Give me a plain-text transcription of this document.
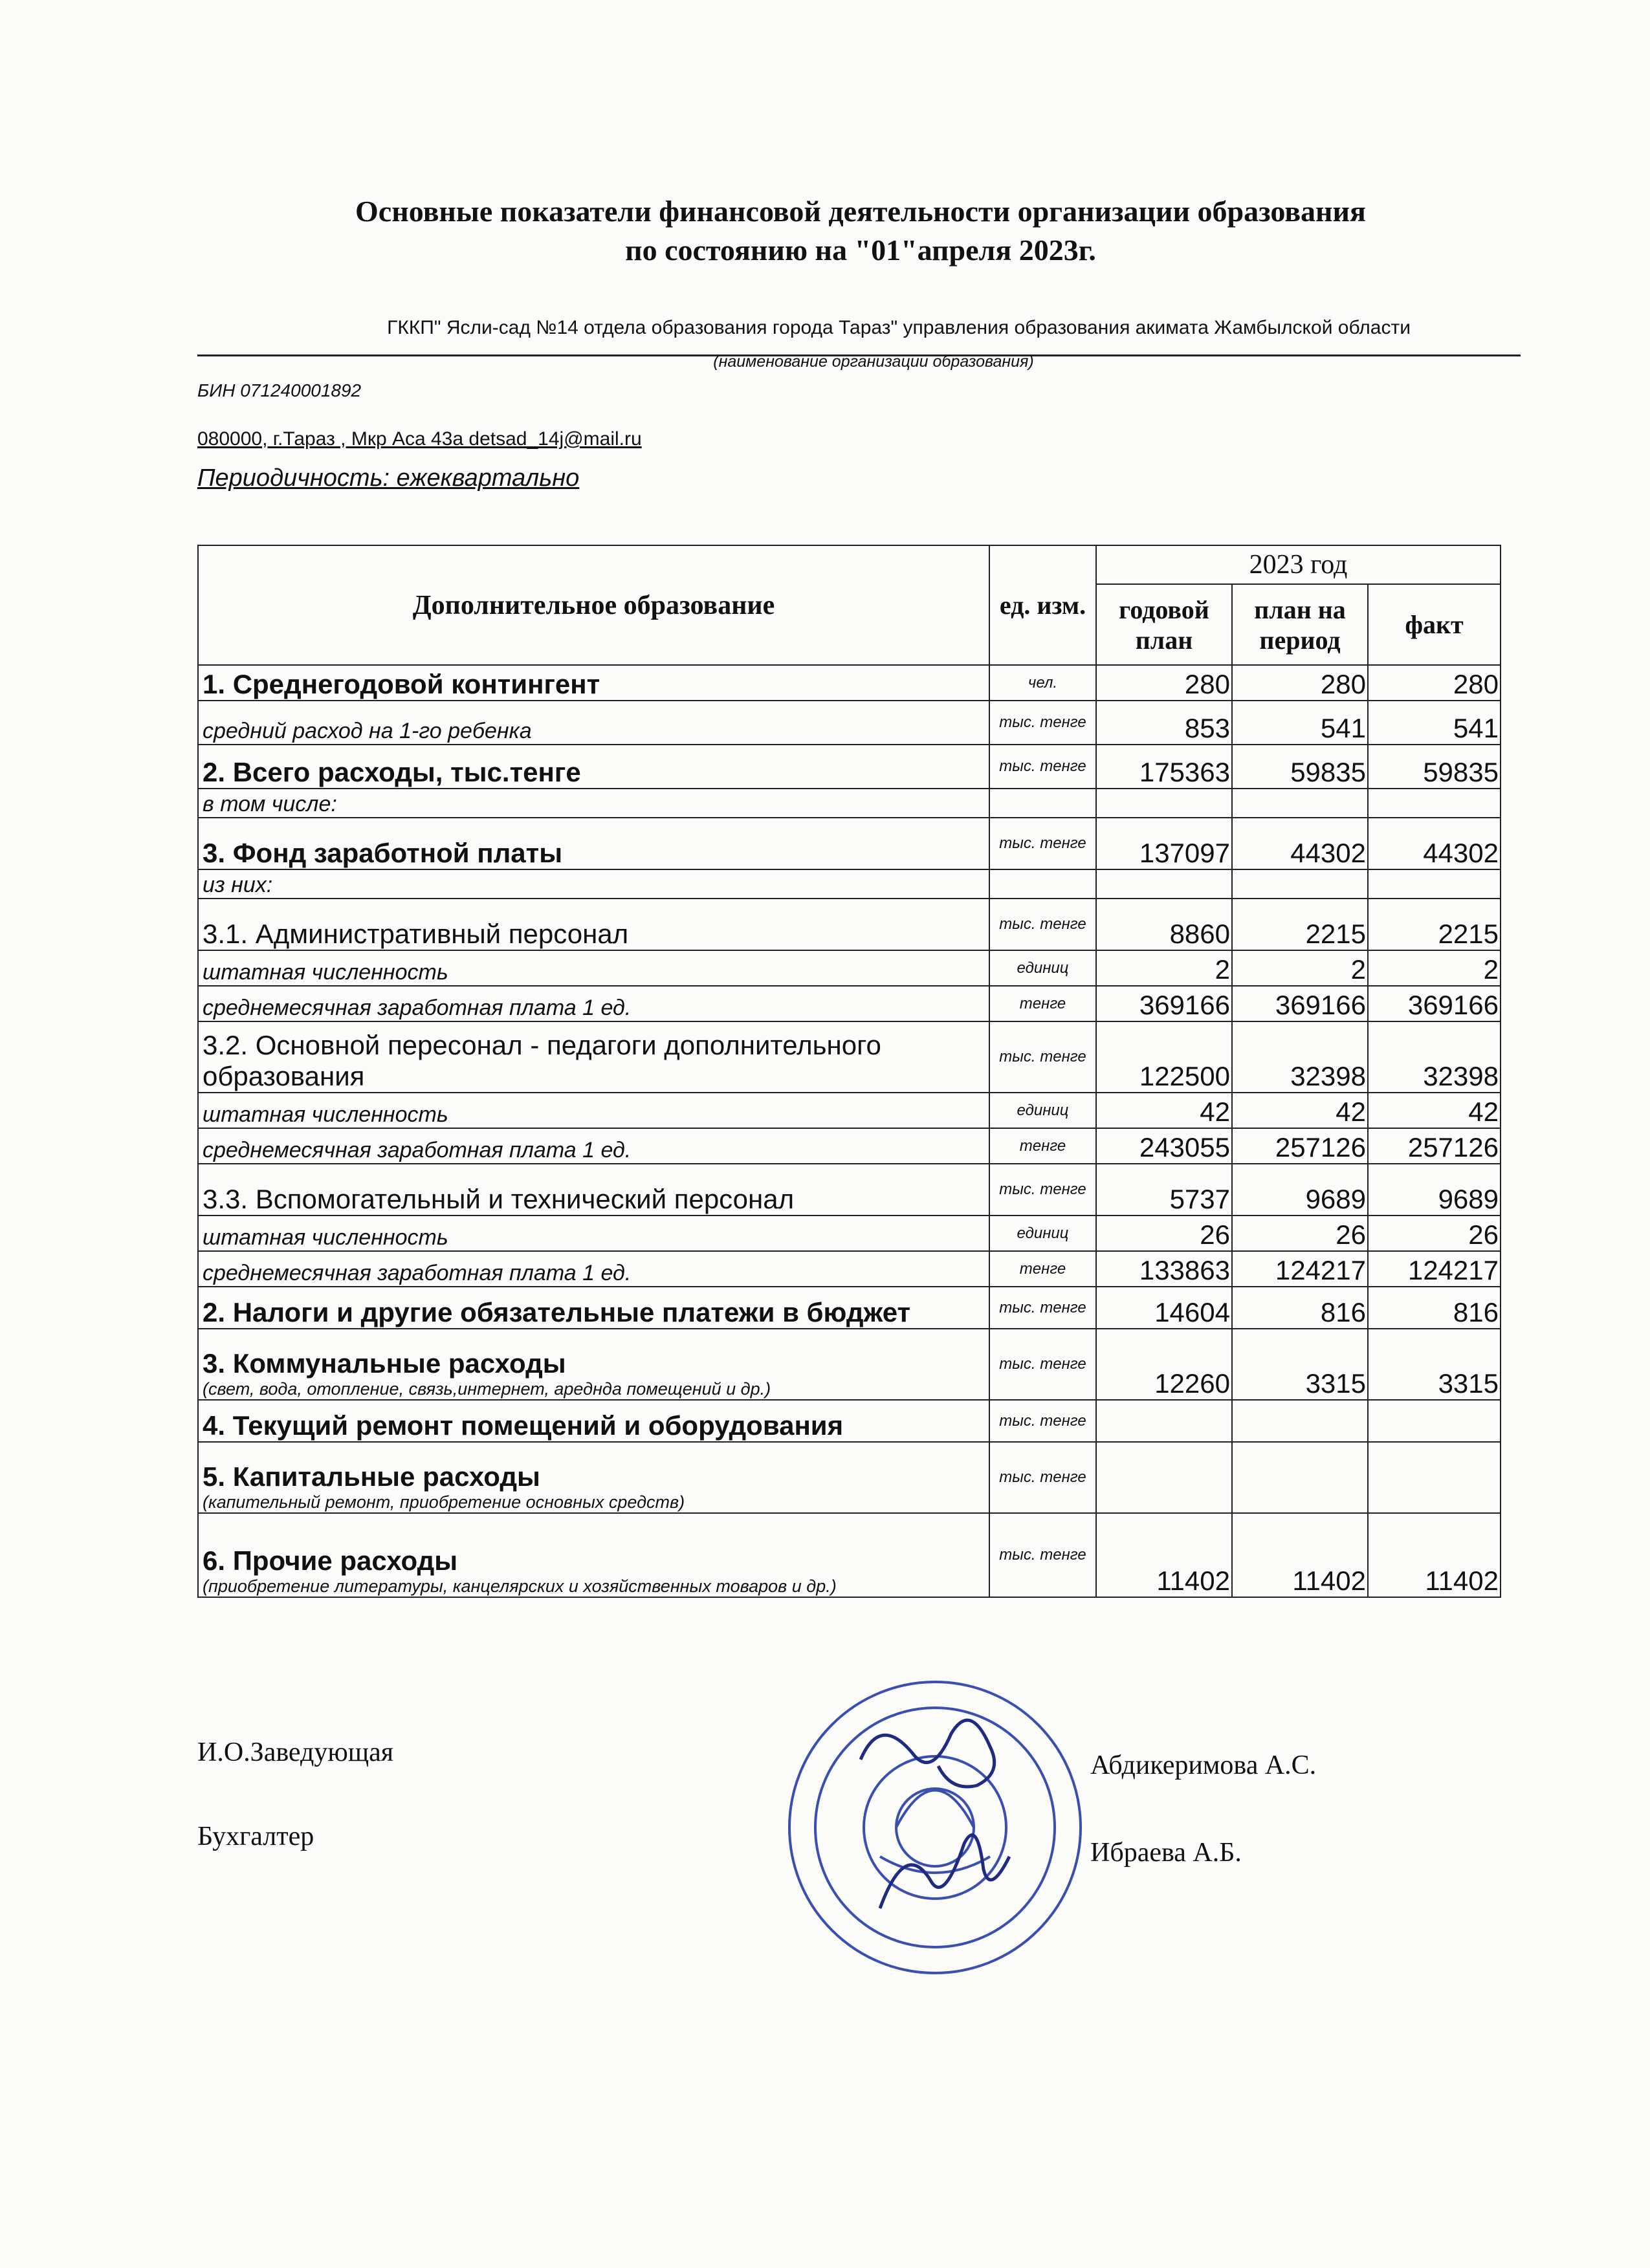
Основные показатели финансовой деятельности организации образования
по состоянию на "01"апреля 2023г.
ГККП" Ясли-сад №14 отдела образования города Тараз" управления образования акимата Жамбылской области
(наименование организации образования)
БИН 071240001892
080000, г.Тараз , Мкр Аса 43а detsad_14j@mail.ru
Периодичность: ежеквартально
Дополнительное образование	ед. изм.	2023 год		
		годовой план	план на период	факт
1. Среднегодовой контингент	чел.	280	280	280
средний расход на 1-го ребенка	тыс. тенге	853	541	541
2. Всего расходы, тыс.тенге	тыс. тенге	175363	59835	59835
в том числе:				
3. Фонд заработной платы	тыс. тенге	137097	44302	44302
из них:				
3.1. Административный персонал	тыс. тенге	8860	2215	2215
штатная численность	единиц	2	2	2
среднемесячная заработная плата 1 ед.	тенге	369166	369166	369166
3.2. Основной пересонал - педагоги дополнительного образования	тыс. тенге	122500	32398	32398
штатная численность	единиц	42	42	42
среднемесячная заработная плата 1 ед.	тенге	243055	257126	257126
3.3. Вспомогательный и технический персонал	тыс. тенге	5737	9689	9689
штатная численность	единиц	26	26	26
среднемесячная заработная плата 1 ед.	тенге	133863	124217	124217
2. Налоги и другие обязательные платежи в бюджет	тыс. тенге	14604	816	816
3. Коммунальные расходы
(свет, вода, отопление, связь,интернет, аредндa помещений и др.)	тыс. тенге	12260	3315	3315
4. Текущий ремонт помещений и оборудования	тыс. тенге			
5. Капитальные расходы
(капительный ремонт, приобретение основных средств)	тыс. тенге			
6. Прочие расходы
(приобретение литературы, канцелярских и хозяйственных товаров и др.)	тыс. тенге	11402	11402	11402
И.О.Заведующая	Абдикеримова А.С.
Бухгалтер
Ибраева А.Б.
